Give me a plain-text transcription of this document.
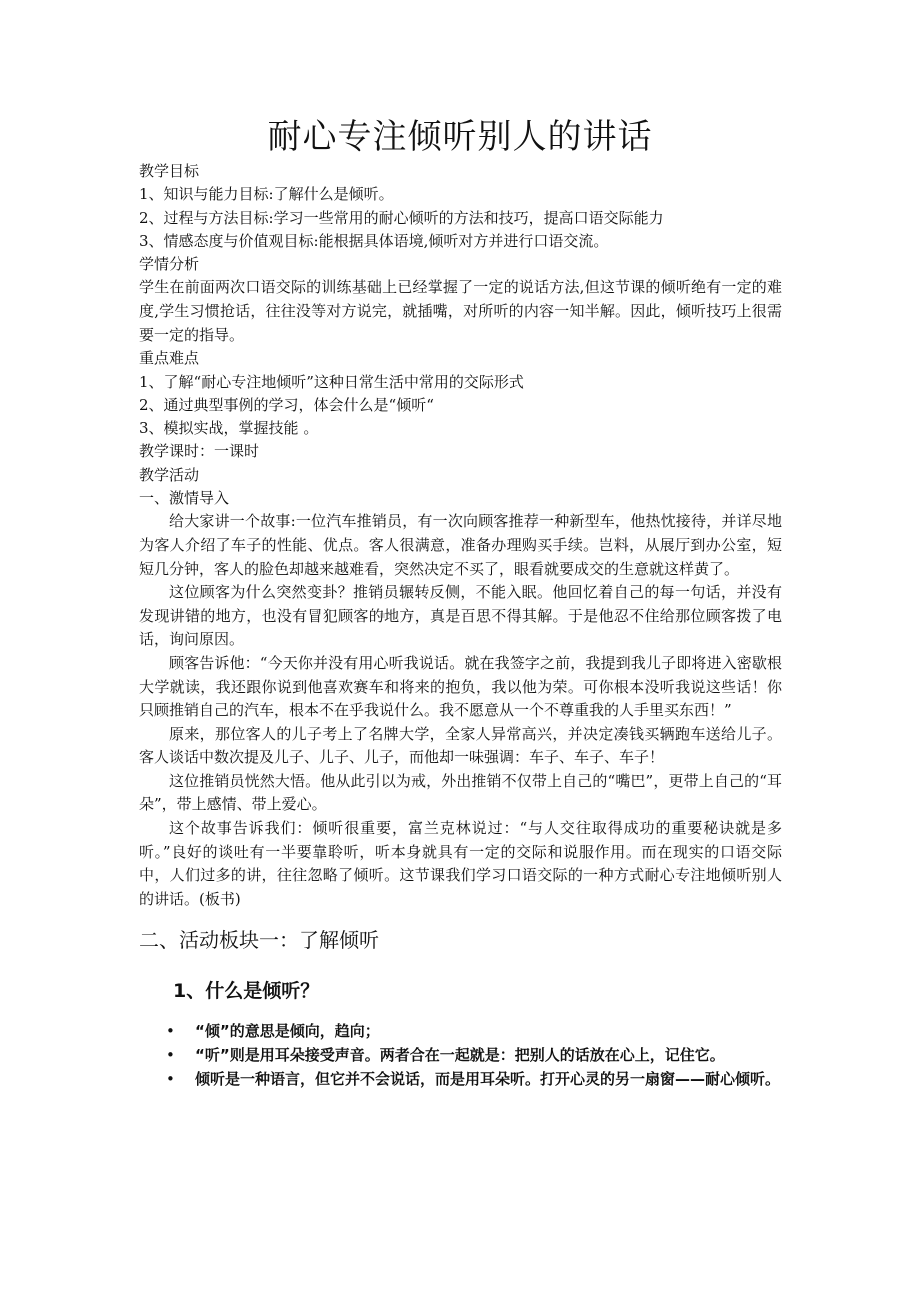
耐心专注倾听别人的讲话

教学目标

1、知识与能力目标:了解什么是倾听。

2、过程与方法目标:学习一些常用的耐心倾听的方法和技巧，提高口语交际能力

3、情感态度与价值观目标:能根据具体语境,倾听对方并进行口语交流。

学情分析

学生在前面两次口语交际的训练基础上已经掌握了一定的说话方法,但这节课的倾听绝有一定的难度,学生习惯抢话，往往没等对方说完，就插嘴，对所听的内容一知半解。因此，倾听技巧上很需要一定的指导。

重点难点

1、了解“耐心专注地倾听”这种日常生活中常用的交际形式

2、通过典型事例的学习，体会什么是“倾听“

3、模拟实战，掌握技能 。

教学课时：一课时

教学活动

一、激情导入

给大家讲一个故事:一位汽车推销员，有一次向顾客推荐一种新型车，他热忱接待，并详尽地为客人介绍了车子的性能、优点。客人很满意，准备办理购买手续。岂料，从展厅到办公室，短短几分钟，客人的脸色却越来越难看，突然决定不买了，眼看就要成交的生意就这样黄了。

这位顾客为什么突然变卦？推销员辗转反侧，不能入眠。他回忆着自己的每一句话，并没有发现讲错的地方，也没有冒犯顾客的地方，真是百思不得其解。于是他忍不住给那位顾客拨了电话，询问原因。

顾客告诉他：“今天你并没有用心听我说话。就在我签字之前，我提到我儿子即将进入密歇根大学就读，我还跟你说到他喜欢赛车和将来的抱负，我以他为荣。可你根本没听我说这些话！你只顾推销自己的汽车，根本不在乎我说什么。我不愿意从一个不尊重我的人手里买东西！”

原来，那位客人的儿子考上了名牌大学，全家人异常高兴，并决定凑钱买辆跑车送给儿子。客人谈话中数次提及儿子、儿子、儿子，而他却一味强调：车子、车子、车子！

这位推销员恍然大悟。他从此引以为戒，外出推销不仅带上自己的“嘴巴”，更带上自己的“耳朵”，带上感情、带上爱心。

这个故事告诉我们：倾听很重要，富兰克林说过：“与人交往取得成功的重要秘诀就是多听。”良好的谈吐有一半要靠聆听，听本身就具有一定的交际和说服作用。而在现实的口语交际中，人们过多的讲，往往忽略了倾听。这节课我们学习口语交际的一种方式耐心专注地倾听别人的讲话。(板书)

二、活动板块一：了解倾听
1、什么是倾听？
• “倾”的意思是倾向，趋向；
• “听”则是用耳朵接受声音。两者合在一起就是：把别人的话放在心上，记住它。
• 倾听是一种语言，但它并不会说话，而是用耳朵听。打开心灵的另一扇窗——耐心倾听。
